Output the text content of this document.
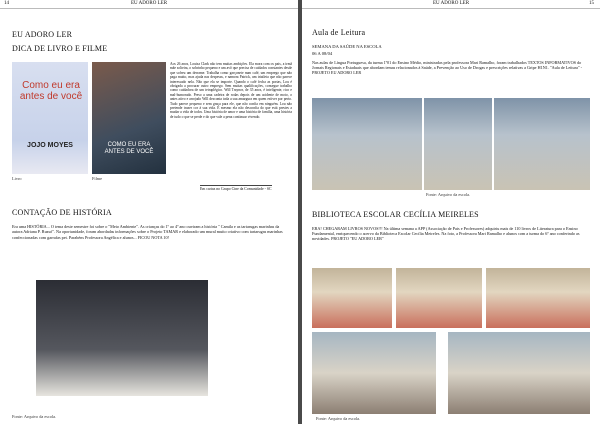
14	EU ADORO LER
EU ADORO LER
DICA DE LIVRO E FILME
Como eu era
antes de você
JOJO MOYES	COMO EU ERA
ANTES DE VOCÊ
Livro	Filme
Aos 26 anos, Louisa Clark não tem muitas ambições. Ela mora com os pais, a irmã mãe solteira, o sobrinho pequeno e um avô que precisa de cuidados constantes desde que sofreu um derrame. Trabalha como garçonete num café, um emprego que não paga muito, mas ajuda nas despesas, e namora Patrick, um triatleta que não parece interessado nela. Não que ela se importe. Quando o café fecha as portas, Lou é obrigada a procurar outro emprego. Sem muitas qualificações, consegue trabalho como cuidadora de um tetraplégico. Will Traynor, de 35 anos, é inteligente, rico e mal-humorado. Preso a uma cadeira de rodas depois de um acidente de moto, o antes ativo e arrojado Will desconta toda a sua amargura em quem estiver por perto. Tudo parece pequeno e sem graça para ele, que não confia em ninguém. Lou não pretende trazer cor à sua vida. E mesmo ela não desconfia do que está prestes a mudar a vida de todos. Uma história de amor e uma história de família, uma história de tudo o que se perde e do que vale a pena continuar vivendo.
Em cartaz no Grupo Cine da Comunidade - SC
CONTAÇÃO DE HISTÓRIA
Era uma HISTÓRIA... O tema deste semestre foi sobre o "Meio Ambiente". As crianças do 1º ao 4º ano ouviram a história " Camila e as tartarugas marinhas da autora Adriana P. Ruzsó". Na oportunidade, foram abordadas informações sobre o Projeto TAMAR e elaborado um mural muito criativo com tartarugas marinhas confeccionadas com garrafas pet. Parabéns Professora Angélica e alunos... FICOU NOTA 10!
Fonte: Arquivo da escola.
EU ADORO LER	15
Aula de Leitura
SEMANA DA SAÚDE NA ESCOLA
06 A 08/04
Nas aulas de Língua Portuguesa, da turma 1º01 do Ensino Médio, ministradas pela professora Mari Ramalho, foram trabalhados TEXTOS INFORMATIVOS do Jornais Regionais e Estaduais que abordam temas relacionados à Saúde, a Prevenção ao Uso de Drogas e prescrições relativas a Gripe H1N1. "Aula de Leitura" - PROJETO EU ADORO LER
Fonte: Arquivo da escola.
BIBLIOTECA ESCOLAR CECÍLIA MEIRELES
EBA! CHEGARAM LIVROS NOVOS!!! Na última semana a APP (Associação de Pais e Professores) adquiriu mais de 110 livros de Literatura para o Ensino Fundamental, enriquecendo o acervo da Biblioteca Escolar Cecília Meireles. Na foto, a Professora Mari Ramalho e alunos com a turma do 6º ano conferindo as novidades. PROJETO "EU ADORO LER"
Fonte: Arquivo da escola.
